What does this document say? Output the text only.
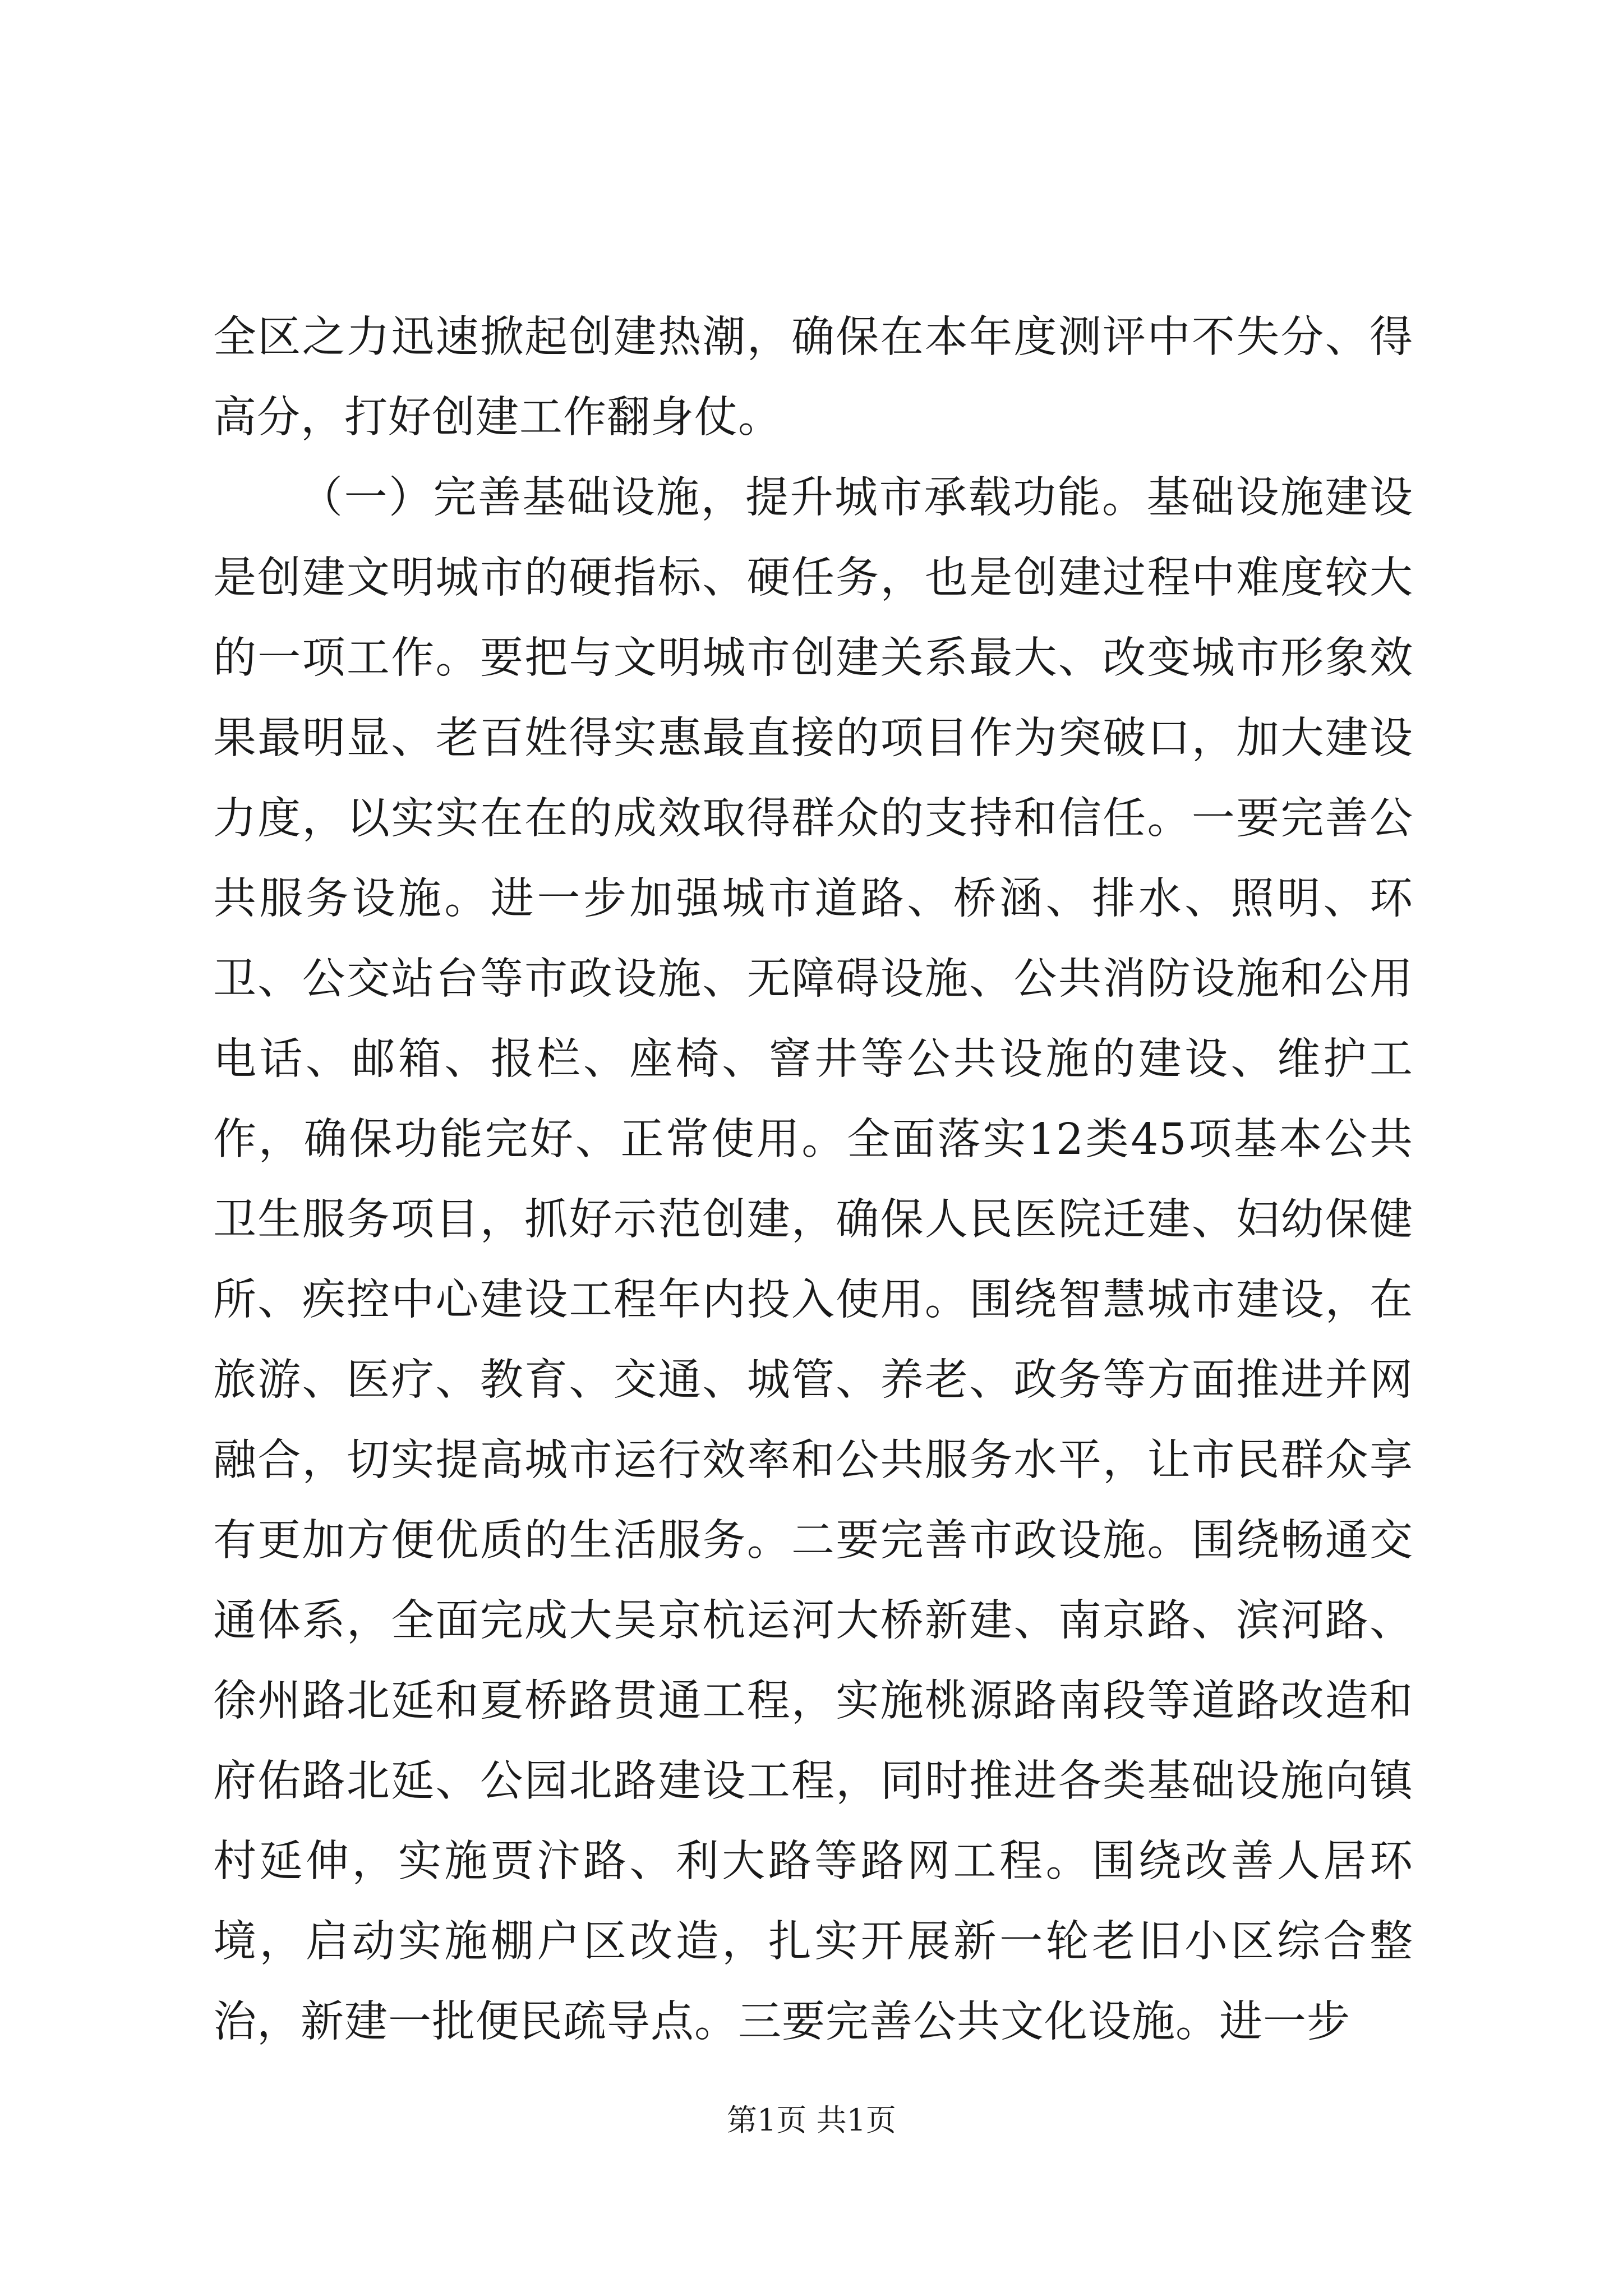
全区之力迅速掀起创建热潮，确保在本年度测评中不失分、得高分，打好创建工作翻身仗。

（一）完善基础设施，提升城市承载功能。基础设施建设是创建文明城市的硬指标、硬任务，也是创建过程中难度较大的一项工作。要把与文明城市创建关系最大、改变城市形象效果最明显、老百姓得实惠最直接的项目作为突破口，加大建设力度，以实实在在的成效取得群众的支持和信任。一要完善公共服务设施。进一步加强城市道路、桥涵、排水、照明、环卫、公交站台等市政设施、无障碍设施、公共消防设施和公用电话、邮箱、报栏、座椅、窨井等公共设施的建设、维护工作，确保功能完好、正常使用。全面落实12类45项基本公共卫生服务项目，抓好示范创建，确保人民医院迁建、妇幼保健所、疾控中心建设工程年内投入使用。围绕智慧城市建设，在旅游、医疗、教育、交通、城管、养老、政务等方面推进并网融合，切实提高城市运行效率和公共服务水平，让市民群众享有更加方便优质的生活服务。二要完善市政设施。围绕畅通交通体系，全面完成大吴京杭运河大桥新建、南京路、滨河路、徐州路北延和夏桥路贯通工程，实施桃源路南段等道路改造和府佑路北延、公园北路建设工程，同时推进各类基础设施向镇村延伸，实施贾汴路、利大路等路网工程。围绕改善人居环境，启动实施棚户区改造，扎实开展新一轮老旧小区综合整治，新建一批便民疏导点。三要完善公共文化设施。进一步

第1页 共1页
